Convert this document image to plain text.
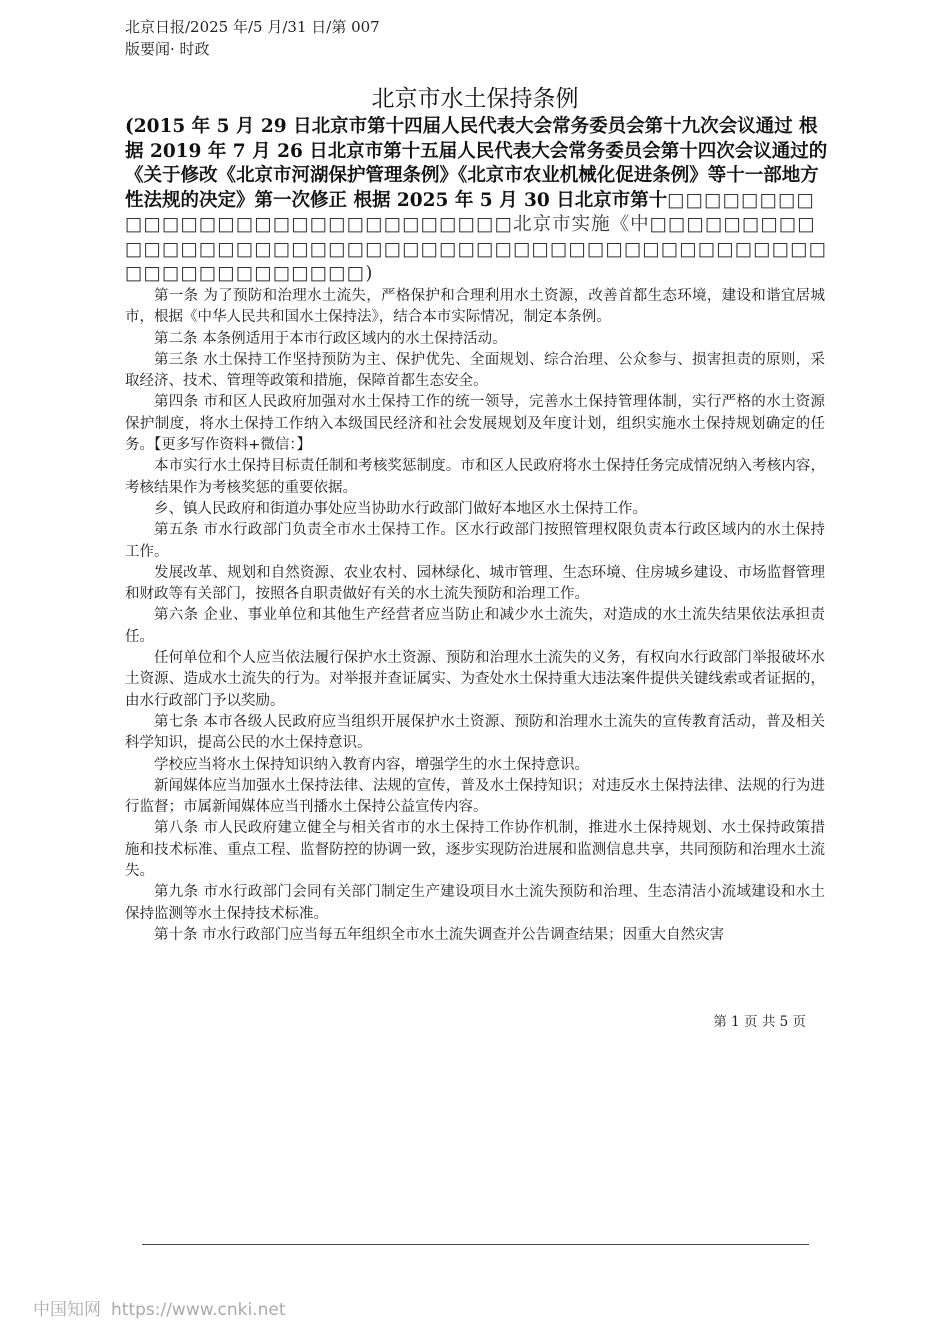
北京日报/2025 年/5 月/31 日/第 007
版要闻· 时政
北京市水土保持条例
(2015 年 5 月 29 日北京市第十四届人民代表大会常务委员会第十九次会议通过 根据 2019 年 7 月 26 日北京市第十五届人民代表大会常务委员会第十四次会议通过的《关于修改《北京市河湖保护管理条例》《北京市农业机械化促进条例》等十一部地方性法规的决定》第一次修正 根据 2025 年 5 月 30 日北京市第十□□□□□□□□□□□□□□□□□□□□□□□□□□□□□北京市实施《中□□□□□□□□□□□□□□□□□□□□□□□□□□□□□□□□□□□□□□□□□□□□□□□□□□□□□□□□□□□□)

第一条 为了预防和治理水土流失，严格保护和合理利用水土资源，改善首都生态环境，建设和谐宜居城市，根据《中华人民共和国水土保持法》，结合本市实际情况，制定本条例。

第二条 本条例适用于本市行政区域内的水土保持活动。

第三条 水土保持工作坚持预防为主、保护优先、全面规划、综合治理、公众参与、损害担责的原则，采取经济、技术、管理等政策和措施，保障首都生态安全。

第四条 市和区人民政府加强对水土保持工作的统一领导，完善水土保持管理体制，实行严格的水土资源保护制度，将水土保持工作纳入本级国民经济和社会发展规划及年度计划，组织实施水土保持规划确定的任务。【更多写作资料+微信：】

本市实行水土保持目标责任制和考核奖惩制度。市和区人民政府将水土保持任务完成情况纳入考核内容，考核结果作为考核奖惩的重要依据。

乡、镇人民政府和街道办事处应当协助水行政部门做好本地区水土保持工作。

第五条 市水行政部门负责全市水土保持工作。区水行政部门按照管理权限负责本行政区域内的水土保持工作。

发展改革、规划和自然资源、农业农村、园林绿化、城市管理、生态环境、住房城乡建设、市场监督管理和财政等有关部门，按照各自职责做好有关的水土流失预防和治理工作。

第六条 企业、事业单位和其他生产经营者应当防止和减少水土流失，对造成的水土流失结果依法承担责任。

任何单位和个人应当依法履行保护水土资源、预防和治理水土流失的义务，有权向水行政部门举报破坏水土资源、造成水土流失的行为。对举报并查证属实、为查处水土保持重大违法案件提供关键线索或者证据的，由水行政部门予以奖励。

第七条 本市各级人民政府应当组织开展保护水土资源、预防和治理水土流失的宣传教育活动，普及相关科学知识，提高公民的水土保持意识。

学校应当将水土保持知识纳入教育内容，增强学生的水土保持意识。

新闻媒体应当加强水土保持法律、法规的宣传，普及水土保持知识；对违反水土保持法律、法规的行为进行监督；市属新闻媒体应当刊播水土保持公益宣传内容。

第八条 市人民政府建立健全与相关省市的水土保持工作协作机制，推进水土保持规划、水土保持政策措施和技术标准、重点工程、监督防控的协调一致，逐步实现防治进展和监测信息共享，共同预防和治理水土流失。

第九条 市水行政部门会同有关部门制定生产建设项目水土流失预防和治理、生态清洁小流域建设和水土保持监测等水土保持技术标准。

第十条 市水行政部门应当每五年组织全市水土流失调查并公告调查结果；因重大自然灾害

第 1 页 共 5 页
中国知网 https://www.cnki.net
